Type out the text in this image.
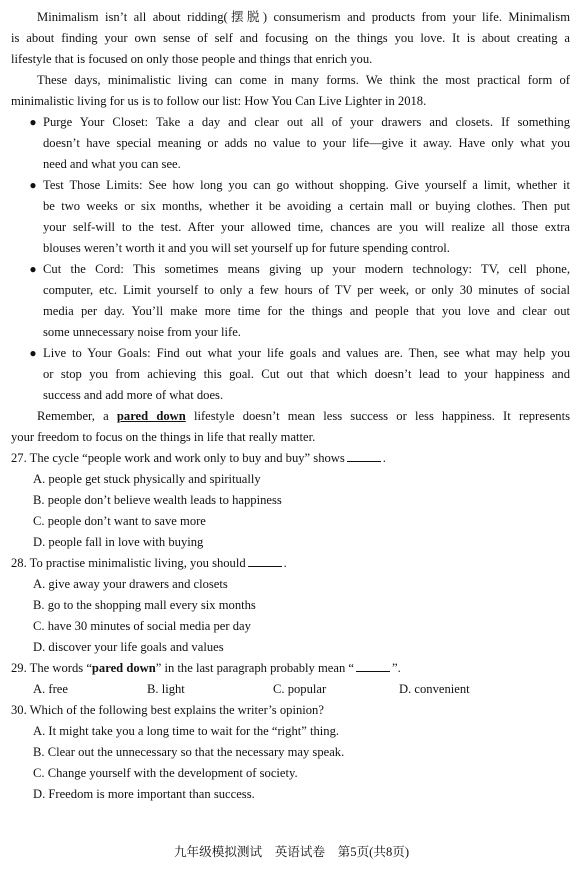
Minimalism isn’t all about ridding(摆脱) consumerism and products from your life. Minimalism
is about finding your own sense of self and focusing on the things you love. It is about creating a
lifestyle that is focused on only those people and things that enrich you.
These days, minimalistic living can come in many forms. We think the most practical form of
minimalistic living for us is to follow our list: How You Can Live Lighter in 2018.
● Purge Your Closet: Take a day and clear out all of your drawers and closets. If something
doesn’t have special meaning or adds no value to your life—give it away. Have only what you
need and what you can see.
● Test Those Limits: See how long you can go without shopping. Give yourself a limit, whether it
be two weeks or six months, whether it be avoiding a certain mall or buying clothes. Then put
your self-will to the test. After your allowed time, chances are you will realize all those extra
blouses weren’t worth it and you will set yourself up for future spending control.
● Cut the Cord: This sometimes means giving up your modern technology: TV, cell phone,
computer, etc. Limit yourself to only a few hours of TV per week, or only 30 minutes of social
media per day. You’ll make more time for the things and people that you love and clear out
some unnecessary noise from your life.
● Live to Your Goals: Find out what your life goals and values are. Then, see what may help you
or stop you from achieving this goal. Cut out that which doesn’t lead to your happiness and
success and add more of what does.
Remember, a pared down lifestyle doesn’t mean less success or less happiness. It represents
your freedom to focus on the things in life that really matter.
27. The cycle “people work and work only to buy and buy” shows	.
A. people get stuck physically and spiritually
B. people don’t believe wealth leads to happiness
C. people don’t want to save more
D. people fall in love with buying
28. To practise minimalistic living, you should	.
A. give away your drawers and closets
B. go to the shopping mall every six months
C. have 30 minutes of social media per day
D. discover your life goals and values
29. The words “pared down” in the last paragraph probably mean “	”.
A. free	B. light	C. popular	D. convenient
30. Which of the following best explains the writer’s opinion?
A. It might take you a long time to wait for the “right” thing.
B. Clear out the unnecessary so that the necessary may speak.
C. Change yourself with the development of society.
D. Freedom is more important than success.
九年级模拟测试　英语试卷　第5页(共8页)
